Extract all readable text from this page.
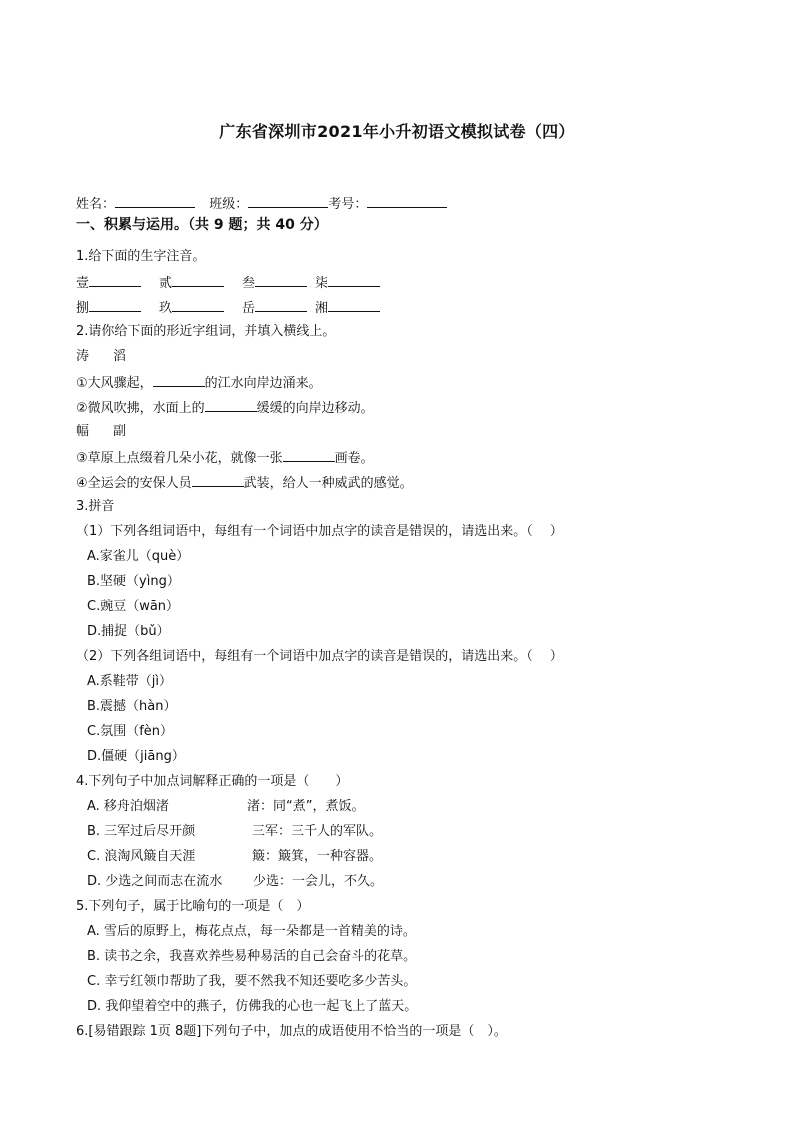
广东省深圳市2021年小升初语文模拟试卷（四）
姓名：	班级：	考号：
一、积累与运用。（共 9 题；共 40 分）
1.给下面的生字注音。
壹	贰	叁	柒
捌	玖	岳	湘
2.请你给下面的形近字组词，并填入横线上。
涛 滔
①大风骤起，	的江水向岸边涌来。
②微风吹拂，水面上的	缓缓的向岸边移动。
幅 副
③草原上点缀着几朵小花，就像一张	画卷。
④全运会的安保人员	武装，给人一种威武的感觉。
3.拼音
（1）下列各组词语中，每组有一个词语中加点字的读音是错误的，请选出来。（　 ）
A.家雀儿（què）
B.坚硬（yìng）
C.豌豆（wān）
D.捕捉（bǔ）
（2）下列各组词语中，每组有一个词语中加点字的读音是错误的，请选出来。（　 ）
A.系鞋带（jì）
B.震撼（hàn）
C.氛围（fèn）
D.僵硬（jiāng）
4.下列句子中加点词解释正确的一项是（　　）
A. 移舟泊烟渚	渚：同“煮”，煮饭。
B. 三军过后尽开颜	三军：三千人的军队。
C. 浪淘风簸自天涯	簸：簸箕，一种容器。
D. 少选之间而志在流水 少选：一会儿，不久。
5.下列句子，属于比喻句的一项是（　）
A. 雪后的原野上，梅花点点，每一朵都是一首精美的诗。
B. 读书之余，我喜欢养些易种易活的自己会奋斗的花草。
C. 幸亏红领巾帮助了我，要不然我不知还要吃多少苦头。
D. 我仰望着空中的燕子，仿佛我的心也一起飞上了蓝天。
6.[易错跟踪 1页 8题]下列句子中，加点的成语使用不恰当的一项是（　）。
